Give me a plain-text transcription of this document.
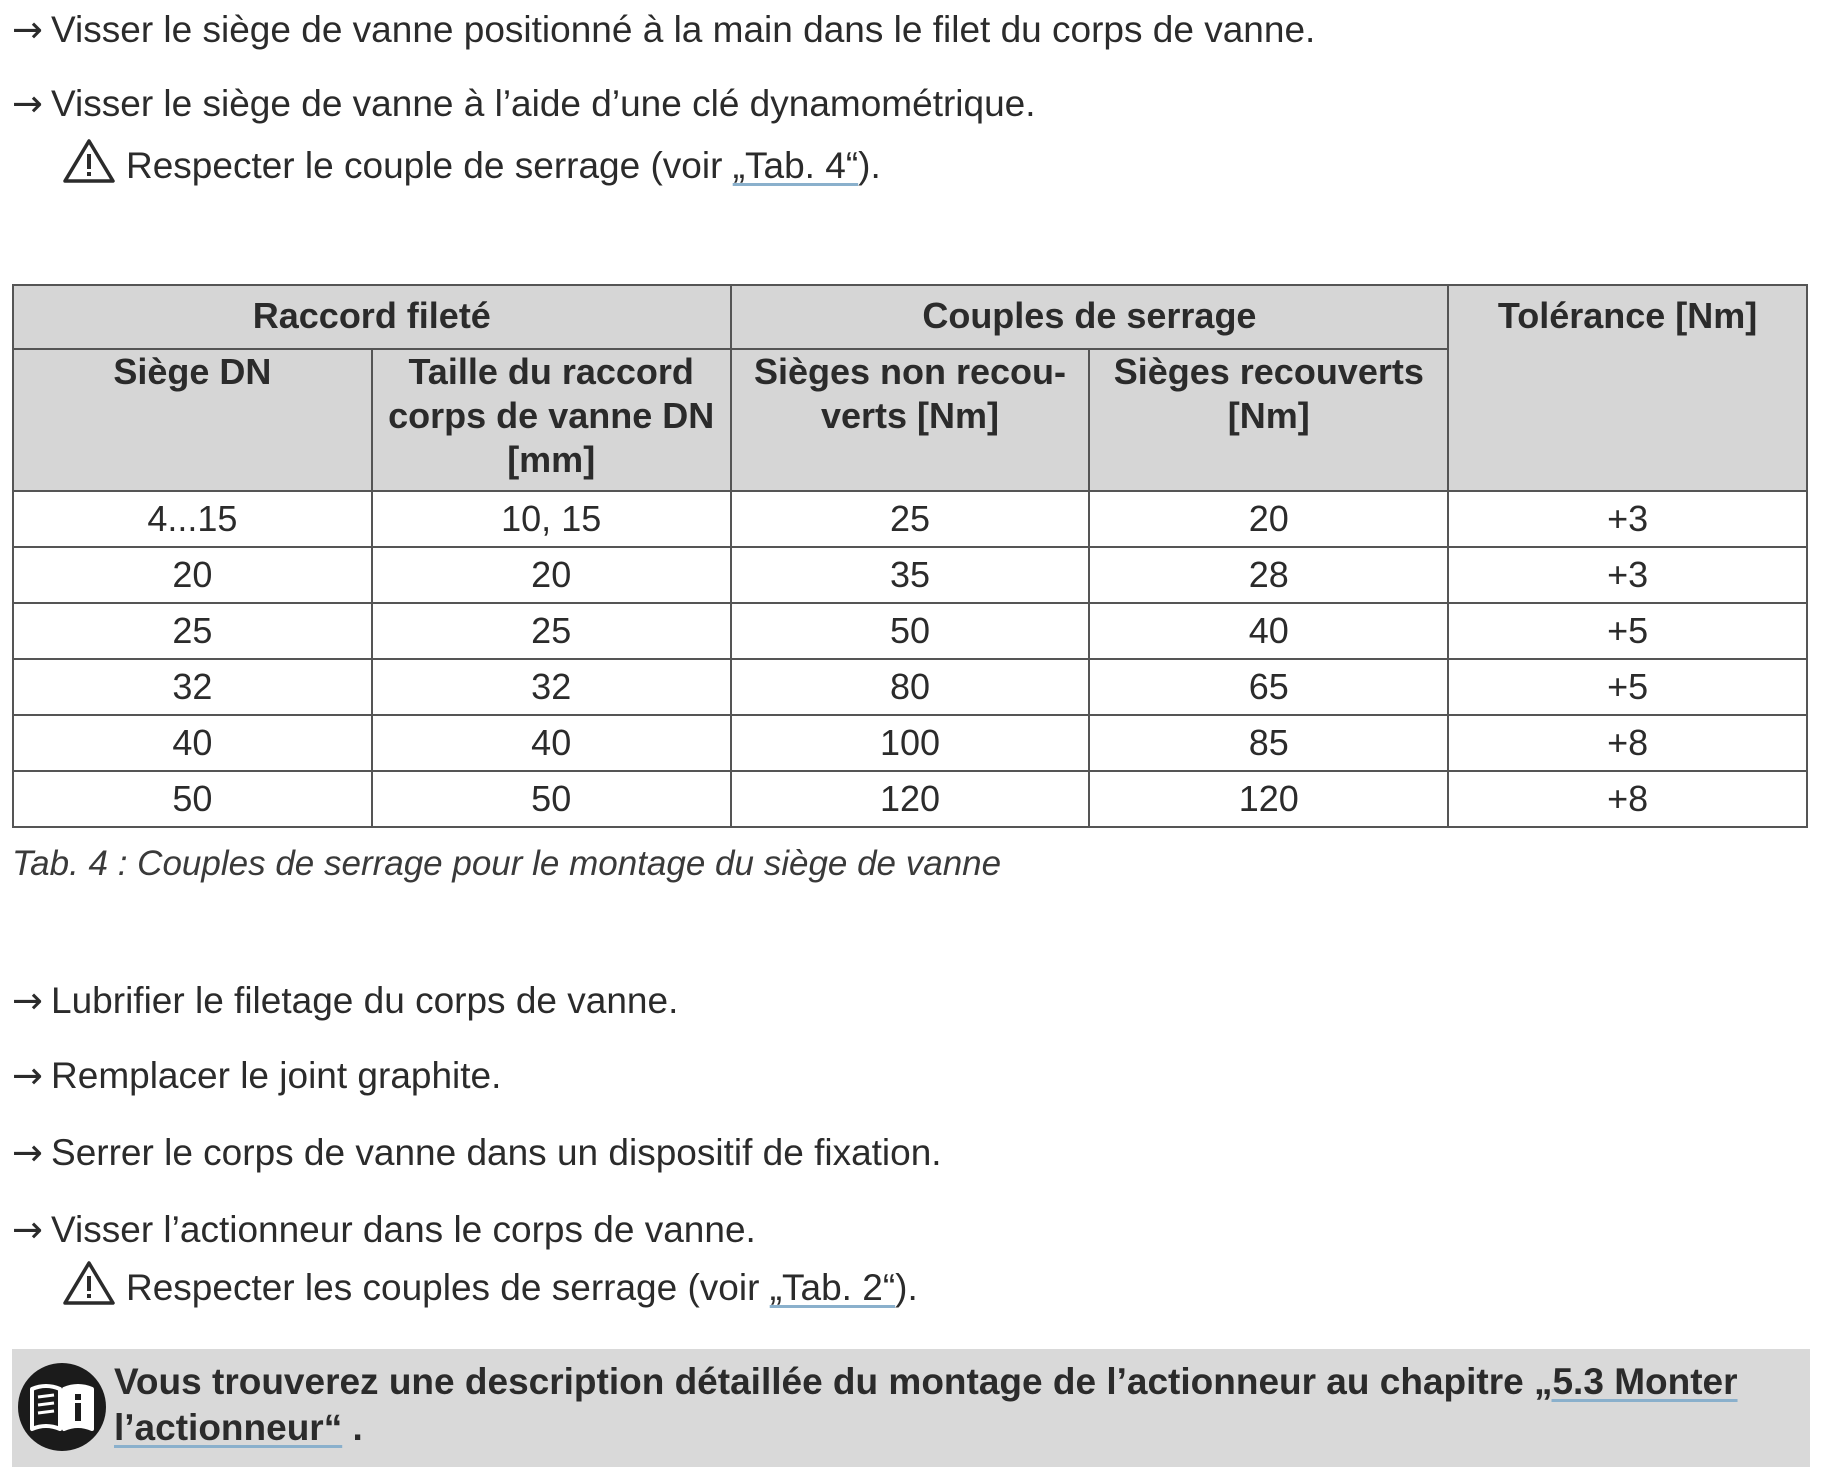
→ Visser le siège de vanne positionné à la main dans le filet du corps de vanne.
→ Visser le siège de vanne à l’aide d’une clé dynamométrique.
Respecter le couple de serrage (voir „Tab. 4“).
Raccord fileté		Couples de serrage		Tolérance [Nm]
Siège DN	Taille du raccord corps de vanne DN [mm]	Sièges non recou-verts [Nm]	Sièges recouverts [Nm]	
4...15	10, 15	25	20	+3
20	20	35	28	+3
25	25	50	40	+5
32	32	80	65	+5
40	40	100	85	+8
50	50	120	120	+8
Tab. 4 : Couples de serrage pour le montage du siège de vanne
→ Lubrifier le filetage du corps de vanne.
→ Remplacer le joint graphite.
→ Serrer le corps de vanne dans un dispositif de fixation.
→ Visser l’actionneur dans le corps de vanne.
Respecter les couples de serrage (voir „Tab. 2“).
Vous trouverez une description détaillée du montage de l’actionneur au chapitre „5.3 Monter l’actionneur“ .
